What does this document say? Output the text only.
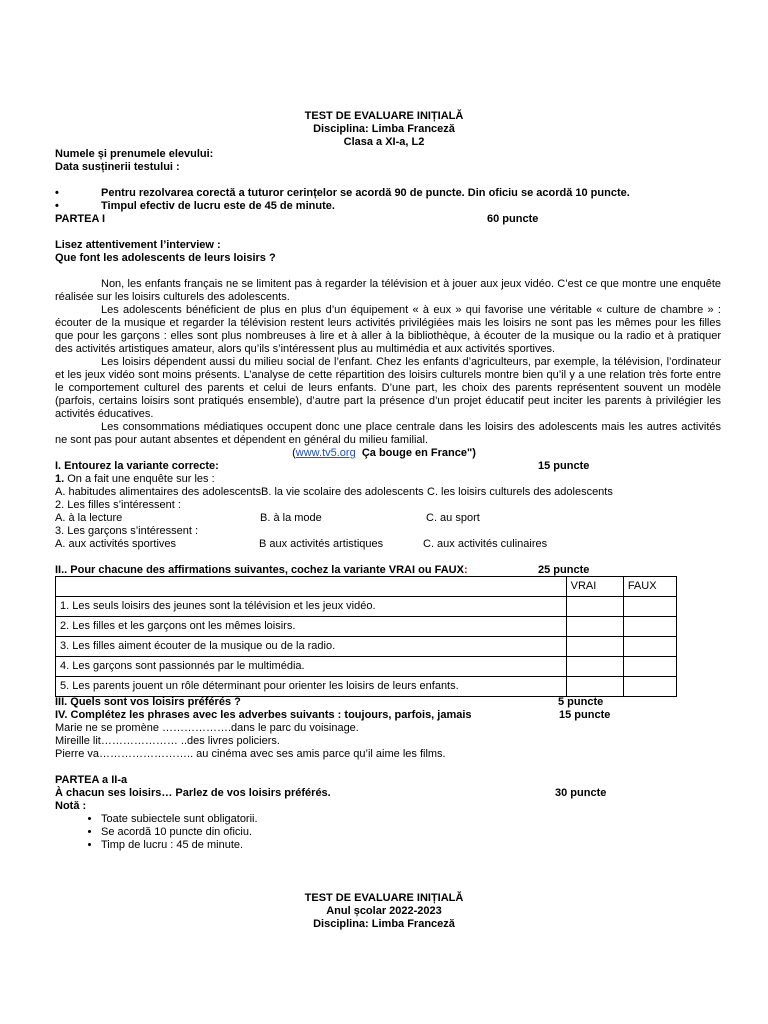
TEST DE EVALUARE INIȚIALĂ
Disciplina: Limba Franceză
Clasa a XI-a, L2
Numele și prenumele elevului:
Data susținerii testului :
•	Pentru rezolvarea corectă a tuturor cerințelor se acordă 90 de puncte. Din oficiu se acordă 10 puncte.
•	Timpul efectiv de lucru este de 45 de minute.
PARTEA I	60 puncte
Lisez attentivement l’interview :
Que font les adolescents de leurs loisirs ?
Non, les enfants français ne se limitent pas à regarder la télévision et à jouer aux jeux vidéo. C’est ce que montre une enquête réalisée sur les loisirs culturels des adolescents.
Les adolescents bénéficient de plus en plus d’un équipement « à eux » qui favorise une véritable « culture de chambre » : écouter de la musique et regarder la télévision restent leurs activités privilégiées mais les loisirs ne sont pas les mêmes pour les filles que pour les garçons : elles sont plus nombreuses à lire et à aller à la bibliothèque, à écouter de la musique ou la radio et à pratiquer des activités artistiques amateur, alors qu’ils s’intéressent plus au multimédia et aux activités sportives.
Les loisirs dépendent aussi du milieu social de l’enfant. Chez les enfants d’agriculteurs, par exemple, la télévision, l’ordinateur et les jeux vidéo sont moins présents. L’analyse de cette répartition des loisirs culturels montre bien qu’il y a une relation très forte entre le comportement culturel des parents et celui de leurs enfants. D’une part, les choix des parents représentent souvent un modèle (parfois, certains loisirs sont pratiqués ensemble), d’autre part la présence d’un projet éducatif peut inciter les parents à privilégier les activités éducatives.
Les consommations médiatiques occupent donc une place centrale dans les loisirs des adolescents mais les autres activités ne sont pas pour autant absentes et dépendent en général du milieu familial.
(www.tv5.org Ça bouge en France")
I. Entourez la variante correcte:	15 puncte
1. On a fait une enquête sur les :
A. habitudes alimentaires des adolescents B. la vie scolaire des adolescents C. les loisirs culturels des adolescents
2. Les filles s’intéressent :
A. à la lecture	B. à la mode	C. au sport
3. Les garçons s’intéressent :
A. aux activités sportives	B aux activités artistiques	C. aux activités culinaires
II.. Pour chacune des affirmations suivantes, cochez la variante VRAI ou FAUX:	25 puncte
	VRAI	FAUX
1. Les seuls loisirs des jeunes sont la télévision et les jeux vidéo.		
2. Les filles et les garçons ont les mêmes loisirs.		
3. Les filles aiment écouter de la musique ou de la radio.		
4. Les garçons sont passionnés par le multimédia.		
5. Les parents jouent un rôle déterminant pour orienter les loisirs de leurs enfants.		
III. Quels sont vos loisirs préférés ?	5 puncte
IV. Complétez les phrases avec les adverbes suivants : toujours, parfois, jamais	15 puncte
Marie ne se promène ……………….dans le parc du voisinage.
Mireille lit………………… ..des livres policiers.
Pierre va…………………….. au cinéma avec ses amis parce qu’il aime les films.
PARTEA a II-a
À chacun ses loisirs… Parlez de vos loisirs préférés.	30 puncte
Notă :
• Toate subiectele sunt obligatorii.
• Se acordă 10 puncte din oficiu.
• Timp de lucru : 45 de minute.
TEST DE EVALUARE INIȚIALĂ
Anul școlar 2022-2023
Disciplina: Limba Franceză
